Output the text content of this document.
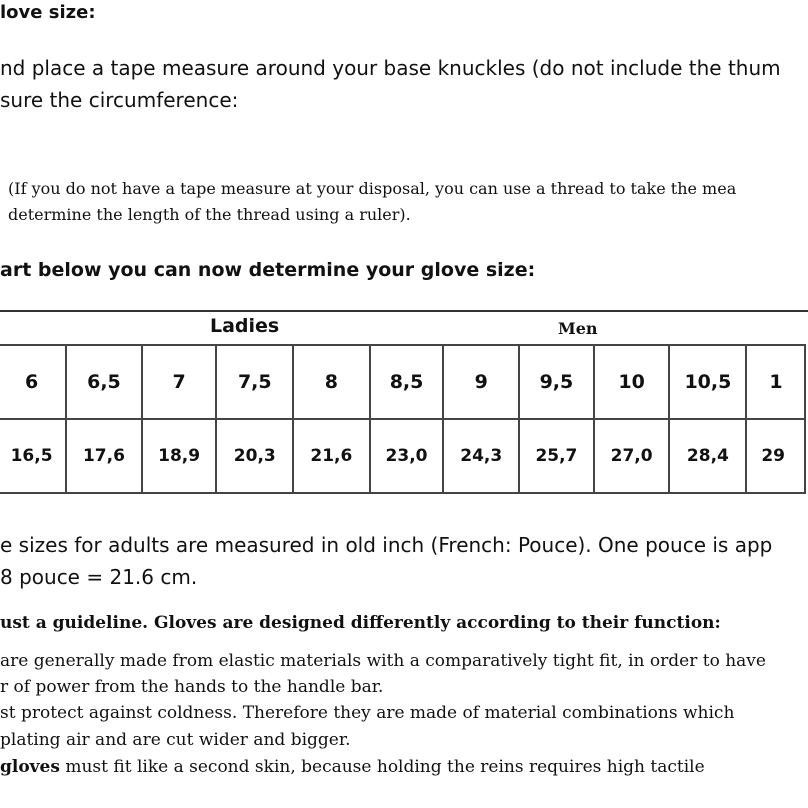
love size:
nd place a tape measure around your base knuckles (do not include the thum
sure the circumference:
(If you do not have a tape measure at your disposal, you can use a thread to take the mea
determine the length of the thread using a ruler).
art below you can now determine your glove size:
Ladies	Men
6	6,5	7	7,5	8	8,5	9	9,5	10	10,5	1
16,5	17,6	18,9	20,3	21,6	23,0	24,3	25,7	27,0	28,4	29
e sizes for adults are measured in old inch (French: Pouce). One pouce is app
8 pouce = 21.6 cm.
ust a guideline. Gloves are designed differently according to their function:
are generally made from elastic materials with a comparatively tight fit, in order to have
r of power from the hands to the handle bar.
st protect against coldness. Therefore they are made of material combinations which
plating air and are cut wider and bigger.
gloves must fit like a second skin, because holding the reins requires high tactile
